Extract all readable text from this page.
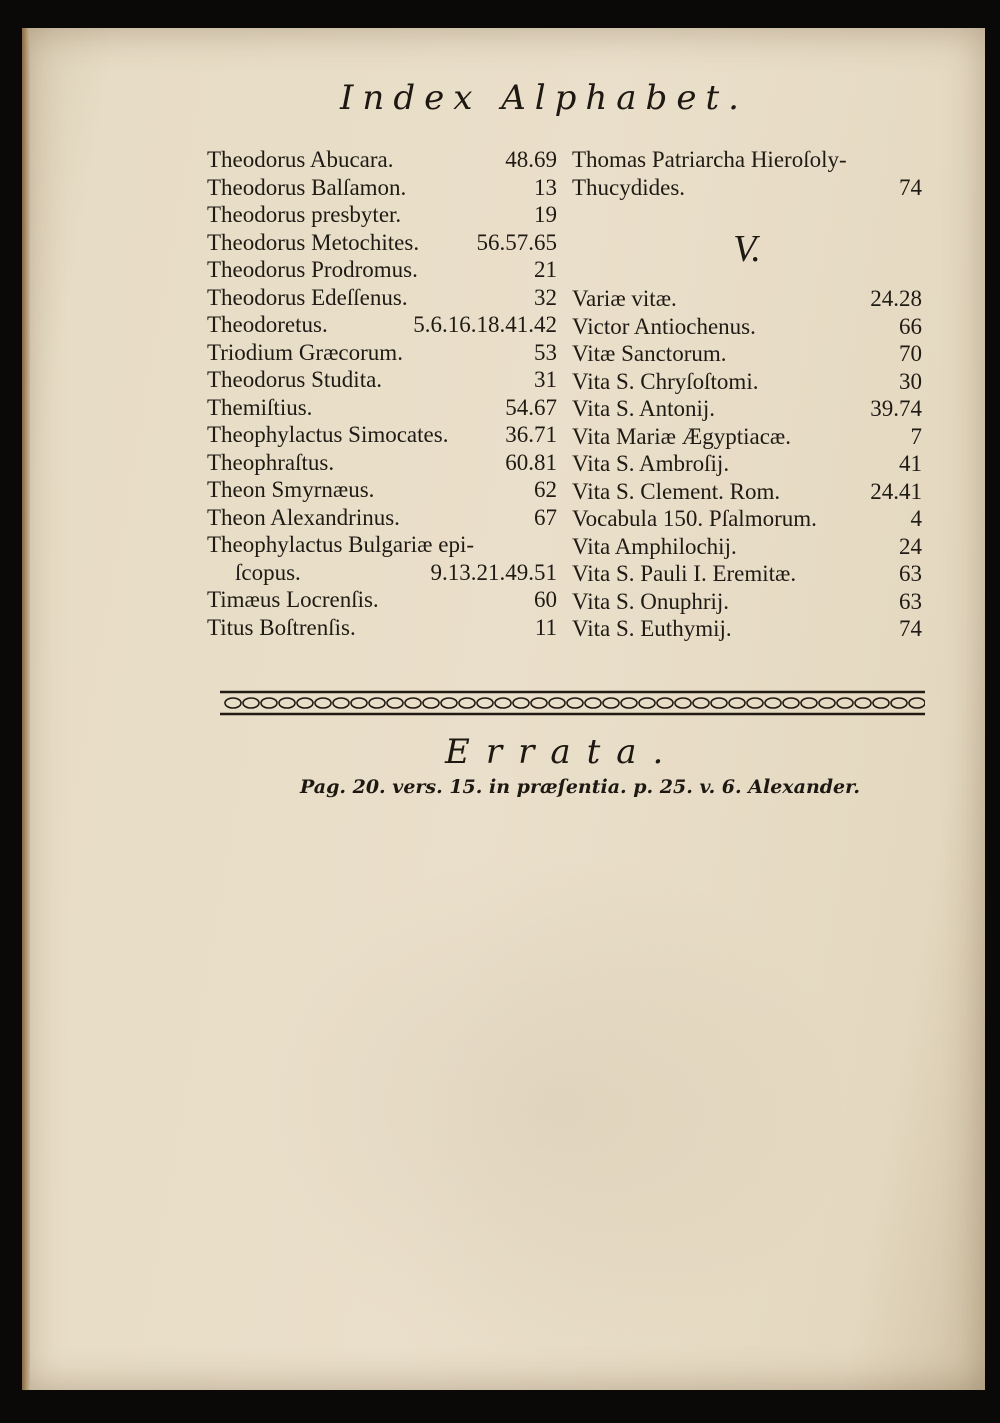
Index Alphabet.
Theodorus Abucara.	48.69
Theodorus Balſamon.	13
Theodorus presbyter.	19
Theodorus Metochites. 56.57.65
Theodorus Prodromus.	21
Theodorus Edeſſenus.	32
Theodoretus.	5.6.16.18.41.42
Triodium Græcorum.	53
Theodorus Studita.	31
Themiſtius.	54.67
Theophylactus Simocates. 36.71
Theophraſtus.	60.81
Theon Smyrnæus.	62
Theon Alexandrinus.	67
Theophylactus Bulgariæ epi-
ſcopus.	9.13.21.49.51
Timæus Locrenſis.	60
Titus Boſtrenſis.	11
Thomas Patriarcha Hieroſoly-
Thucydides.	74
V.
Variæ vitæ.	24.28
Victor Antiochenus.	66
Vitæ Sanctorum.	70
Vita S. Chryſoſtomi.	30
Vita S. Antonij.	39.74
Vita Mariæ Ægyptiacæ.	7
Vita S. Ambroſij.	41
Vita S. Clement. Rom.	24.41
Vocabula 150. Pſalmorum.	4
Vita Amphilochij.	24
Vita S. Pauli I. Eremitæ.	63
Vita S. Onuphrij.	63
Vita S. Euthymij.	74
Errata.
Pag. 20. vers. 15. in præſentia. p. 25. v. 6. Alexander.
